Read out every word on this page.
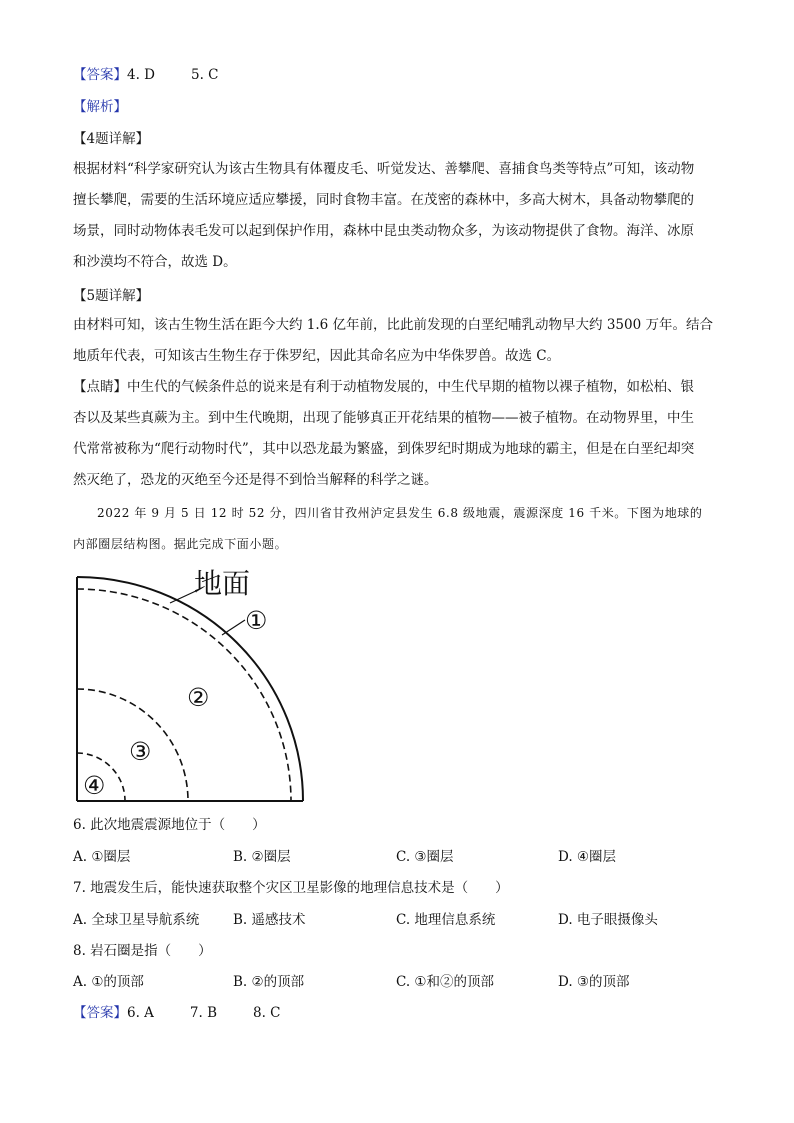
【答案】4. D	5. C
【解析】
【4题详解】
根据材料“科学家研究认为该古生物具有体覆皮毛、听觉发达、善攀爬、喜捕食鸟类等特点”可知，该动物
擅长攀爬，需要的生活环境应适应攀援，同时食物丰富。在茂密的森林中，多高大树木，具备动物攀爬的
场景，同时动物体表毛发可以起到保护作用，森林中昆虫类动物众多，为该动物提供了食物。海洋、冰原
和沙漠均不符合，故选 D。
【5题详解】
由材料可知，该古生物生活在距今大约 1.6 亿年前，比此前发现的白垩纪哺乳动物早大约 3500 万年。结合
地质年代表，可知该古生物生存于侏罗纪，因此其命名应为中华侏罗兽。故选 C。
【点睛】中生代的气候条件总的说来是有利于动植物发展的，中生代早期的植物以裸子植物，如松柏、银
杏以及某些真蕨为主。到中生代晚期，出现了能够真正开花结果的植物——被子植物。在动物界里，中生
代常常被称为“爬行动物时代”，其中以恐龙最为繁盛，到侏罗纪时期成为地球的霸主，但是在白垩纪却突
然灭绝了，恐龙的灭绝至今还是得不到恰当解释的科学之谜。
2022 年 9 月 5 日 12 时 52 分，四川省甘孜州泸定县发生 6.8 级地震，震源深度 16 千米。下图为地球的
内部圈层结构图。据此完成下面小题。
地面
①
②
③
④
6. 此次地震震源地位于（　　）
A. ①圈层	B. ②圈层	C. ③圈层	D. ④圈层
7. 地震发生后，能快速获取整个灾区卫星影像的地理信息技术是（　　）
A. 全球卫星导航系统 B. 遥感技术	C. 地理信息系统	D. 电子眼摄像头
8. 岩石圈是指（　　）
A. ①的顶部	B. ②的顶部	C. ①和②的顶部	D. ③的顶部
【答案】6. A	7. B	8. C
